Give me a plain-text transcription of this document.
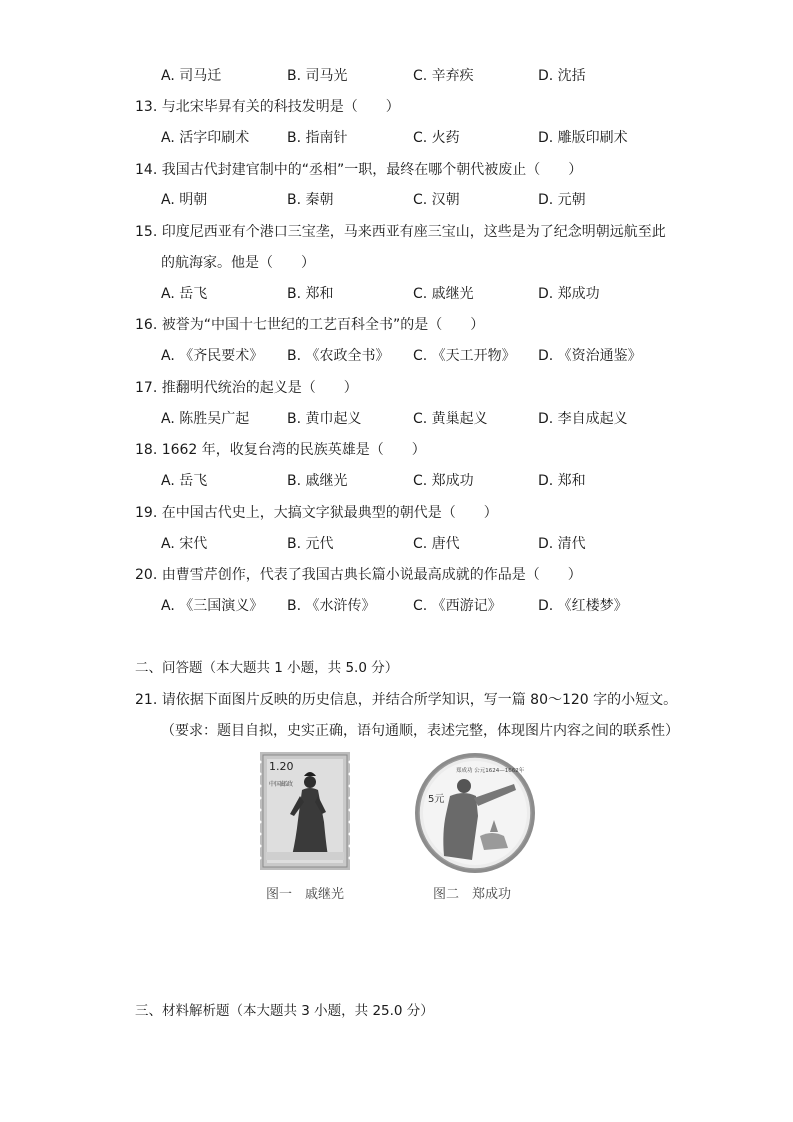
A. 司马迁	B. 司马光	C. 辛弃疾	D. 沈括
13. 与北宋毕昇有关的科技发明是（　　）
A. 活字印刷术	B. 指南针	C. 火药	D. 雕版印刷术
14. 我国古代封建官制中的“丞相”一职，最终在哪个朝代被废止（　　）
A. 明朝	B. 秦朝	C. 汉朝	D. 元朝
15. 印度尼西亚有个港口三宝垄，马来西亚有座三宝山，这些是为了纪念明朝远航至此
的航海家。他是（　　）
A. 岳飞	B. 郑和	C. 戚继光	D. 郑成功
16. 被誉为“中国十七世纪的工艺百科全书”的是（　　）
A. 《齐民要术》 B. 《农政全书》 C. 《天工开物》 D. 《资治通鉴》
17. 推翻明代统治的起义是（　　）
A. 陈胜吴广起	B. 黄巾起义	C. 黄巢起义	D. 李自成起义
18. 1662 年，收复台湾的民族英雄是（　　）
A. 岳飞	B. 戚继光	C. 郑成功	D. 郑和
19. 在中国古代史上，大搞文字狱最典型的朝代是（　　）
A. 宋代	B. 元代	C. 唐代	D. 清代
20. 由曹雪芹创作，代表了我国古典长篇小说最高成就的作品是（　　）
A. 《三国演义》 B. 《水浒传》	C. 《西游记》	D. 《红楼梦》
二、问答题（本大题共 1 小题，共 5.0 分）
21. 请依据下面图片反映的历史信息，并结合所学知识，写一篇 80～120 字的小短文。
（要求：题目自拟，史实正确，语句通顺，表述完整，体现图片内容之间的联系性）
1.20
中国邮政
5元
郑成功 公元1624—1662年
图一　戚继光	图二　郑成功
三、材料解析题（本大题共 3 小题，共 25.0 分）
